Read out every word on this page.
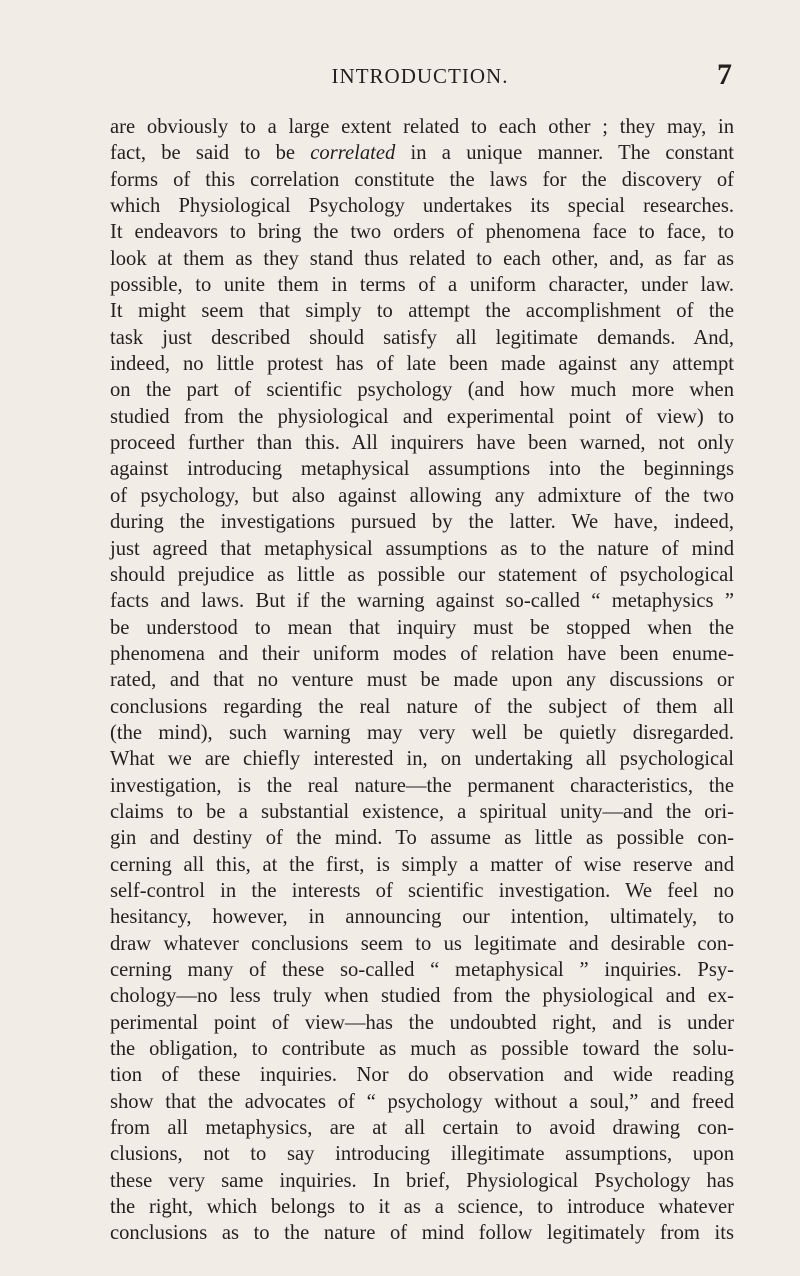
INTRODUCTION.	7
are obviously to a large extent related to each other ; they may, in
fact, be said to be correlated in a unique manner. The constant
forms of this correlation constitute the laws for the discovery of
which Physiological Psychology undertakes its special researches.
It endeavors to bring the two orders of phenomena face to face, to
look at them as they stand thus related to each other, and, as far as
possible, to unite them in terms of a uniform character, under law.
It might seem that simply to attempt the accomplishment of the
task just described should satisfy all legitimate demands. And,
indeed, no little protest has of late been made against any attempt
on the part of scientific psychology (and how much more when
studied from the physiological and experimental point of view) to
proceed further than this. All inquirers have been warned, not only
against introducing metaphysical assumptions into the beginnings
of psychology, but also against allowing any admixture of the two
during the investigations pursued by the latter. We have, indeed,
just agreed that metaphysical assumptions as to the nature of mind
should prejudice as little as possible our statement of psychological
facts and laws. But if the warning against so-called “ metaphysics ”
be understood to mean that inquiry must be stopped when the
phenomena and their uniform modes of relation have been enume-
rated, and that no venture must be made upon any discussions or
conclusions regarding the real nature of the subject of them all
(the mind), such warning may very well be quietly disregarded.
What we are chiefly interested in, on undertaking all psychological
investigation, is the real nature—the permanent characteristics, the
claims to be a substantial existence, a spiritual unity—and the ori-
gin and destiny of the mind. To assume as little as possible con-
cerning all this, at the first, is simply a matter of wise reserve and
self-control in the interests of scientific investigation. We feel no
hesitancy, however, in announcing our intention, ultimately, to
draw whatever conclusions seem to us legitimate and desirable con-
cerning many of these so-called “ metaphysical ” inquiries. Psy-
chology—no less truly when studied from the physiological and ex-
perimental point of view—has the undoubted right, and is under
the obligation, to contribute as much as possible toward the solu-
tion of these inquiries. Nor do observation and wide reading
show that the advocates of “ psychology without a soul,” and freed
from all metaphysics, are at all certain to avoid drawing con-
clusions, not to say introducing illegitimate assumptions, upon
these very same inquiries. In brief, Physiological Psychology has
the right, which belongs to it as a science, to introduce whatever
conclusions as to the nature of mind follow legitimately from its
